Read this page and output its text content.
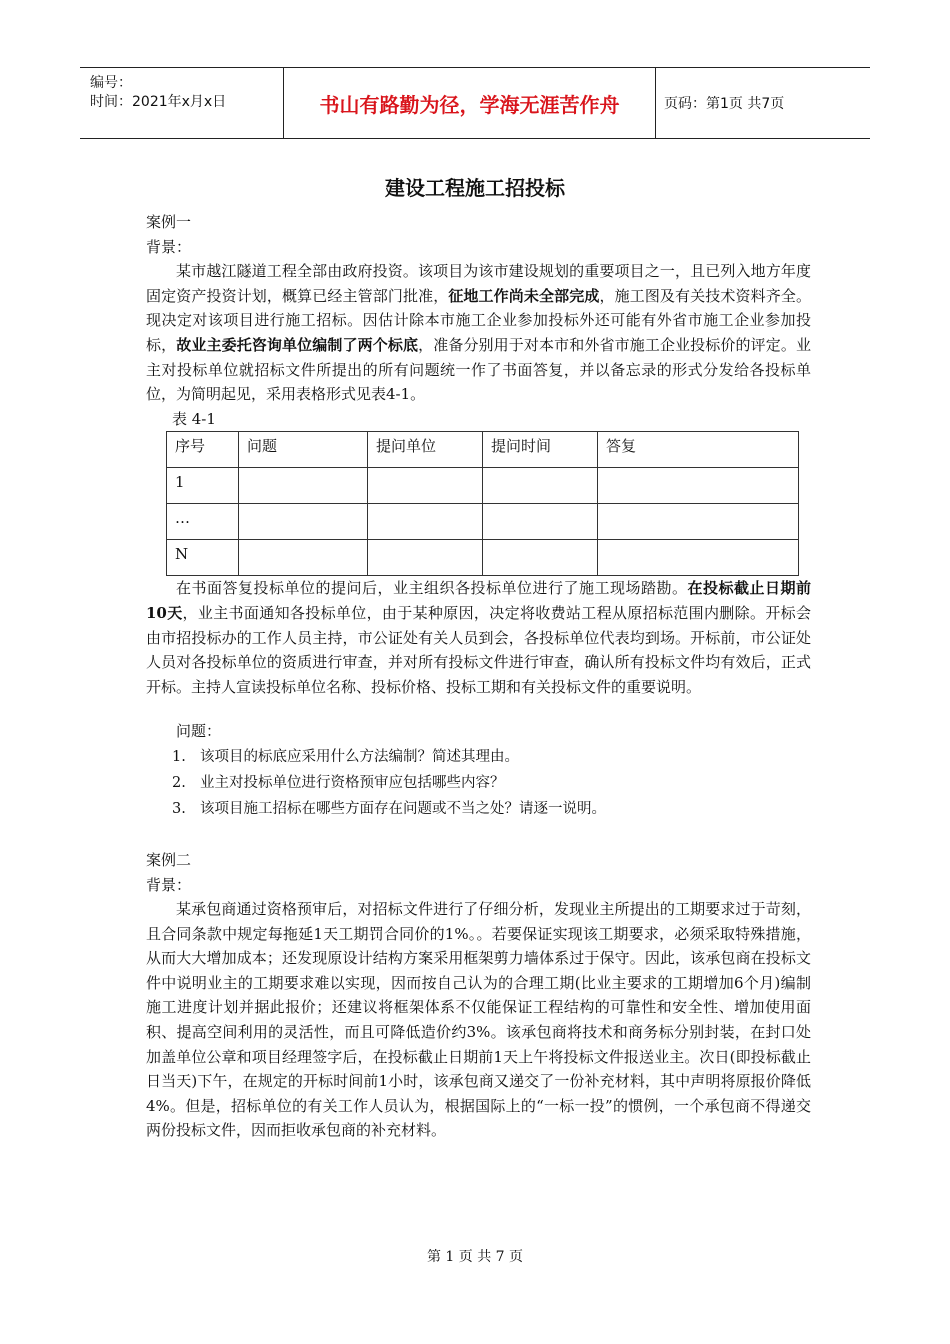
编号：
时间：2021年x月x日	书山有路勤为径，学海无涯苦作舟	页码：第1页 共7页
建设工程施工招投标

案例一

背景：

某市越江隧道工程全部由政府投资。该项目为该市建设规划的重要项目之一，且已列入地方年度固定资产投资计划，概算已经主管部门批准，征地工作尚未全部完成，施工图及有关技术资料齐全。现决定对该项目进行施工招标。因估计除本市施工企业参加投标外还可能有外省市施工企业参加投标，故业主委托咨询单位编制了两个标底，准备分别用于对本市和外省市施工企业投标价的评定。业主对投标单位就招标文件所提出的所有问题统一作了书面答复，并以备忘录的形式分发给各投标单位，为简明起见，采用表格形式见表4-1。

表 4-1

序号	问题	提问单位	提问时间	答复
1				
…				
N				

在书面答复投标单位的提问后，业主组织各投标单位进行了施工现场踏勘。在投标截止日期前10天，业主书面通知各投标单位，由于某种原因，决定将收费站工程从原招标范围内删除。开标会由市招投标办的工作人员主持，市公证处有关人员到会，各投标单位代表均到场。开标前，市公证处人员对各投标单位的资质进行审查，并对所有投标文件进行审查，确认所有投标文件均有效后，正式开标。主持人宣读投标单位名称、投标价格、投标工期和有关投标文件的重要说明。

问题：

1. 该项目的标底应采用什么方法编制？简述其理由。
2. 业主对投标单位进行资格预审应包括哪些内容？
3. 该项目施工招标在哪些方面存在问题或不当之处？请逐一说明。

案例二

背景：

某承包商通过资格预审后，对招标文件进行了仔细分析，发现业主所提出的工期要求过于苛刻，且合同条款中规定每拖延1天工期罚合同价的1%。。若要保证实现该工期要求，必须采取特殊措施，从而大大增加成本；还发现原设计结构方案采用框架剪力墙体系过于保守。因此，该承包商在投标文件中说明业主的工期要求难以实现，因而按自己认为的合理工期(比业主要求的工期增加6个月)编制施工进度计划并据此报价；还建议将框架体系不仅能保证工程结构的可靠性和安全性、增加使用面积、提高空间利用的灵活性，而且可降低造价约3%。该承包商将技术和商务标分别封装，在封口处加盖单位公章和项目经理签字后，在投标截止日期前1天上午将投标文件报送业主。次日(即投标截止日当天)下午，在规定的开标时间前1小时，该承包商又递交了一份补充材料，其中声明将原报价降低4%。但是，招标单位的有关工作人员认为，根据国际上的“一标一投”的惯例，一个承包商不得递交两份投标文件，因而拒收承包商的补充材料。

第 1 页 共 7 页
